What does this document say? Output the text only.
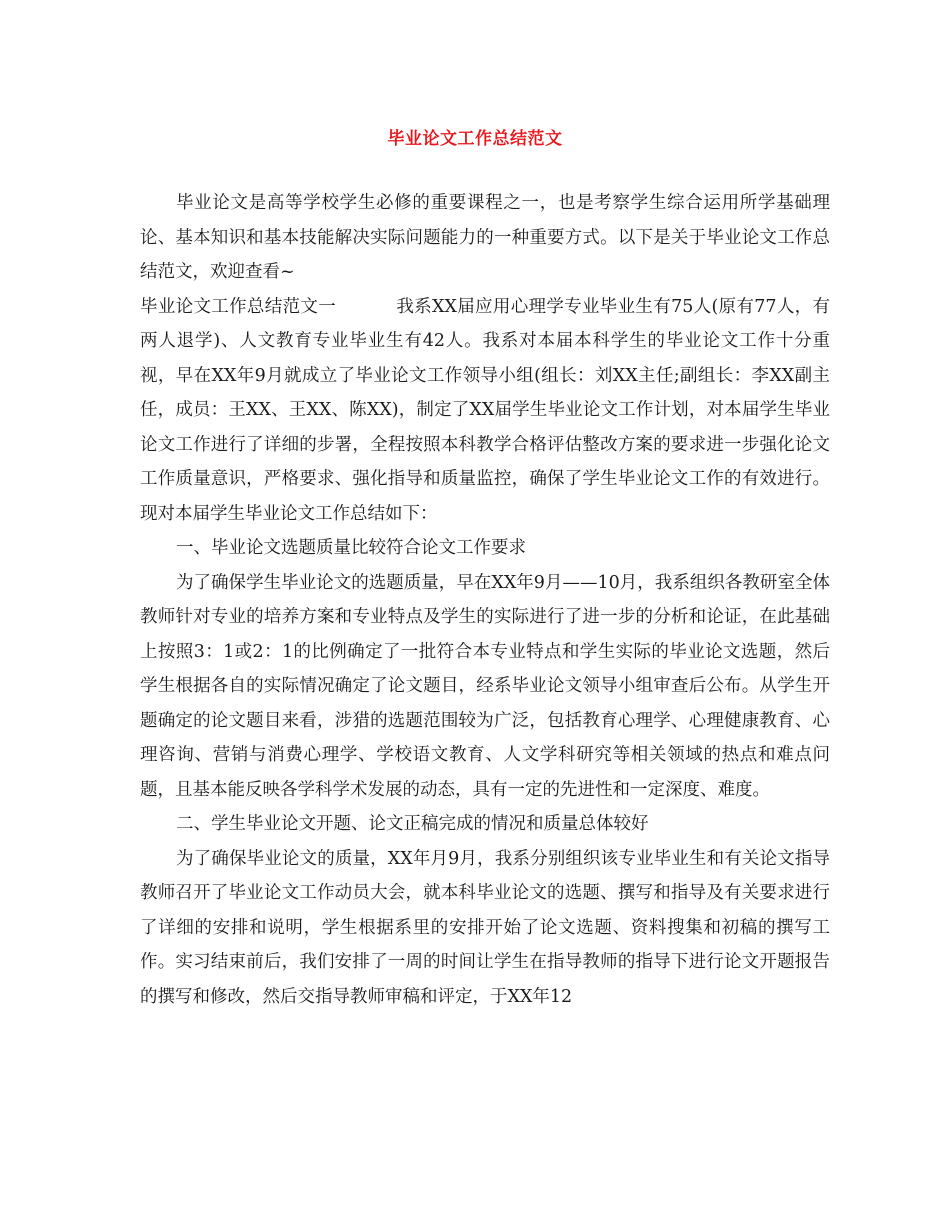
毕业论文工作总结范文

毕业论文是高等学校学生必修的重要课程之一，也是考察学生综合运用所学基础理论、基本知识和基本技能解决实际问题能力的一种重要方式。以下是关于毕业论文工作总结范文，欢迎查看~

毕业论文工作总结范文一	我系XX届应用心理学专业毕业生有75人(原有77人，有两人退学)、人文教育专业毕业生有42人。我系对本届本科学生的毕业论文工作十分重视，早在XX年9月就成立了毕业论文工作领导小组(组长：刘XX主任;副组长：李XX副主任，成员：王XX、王XX、陈XX)，制定了XX届学生毕业论文工作计划，对本届学生毕业论文工作进行了详细的步署，全程按照本科教学合格评估整改方案的要求进一步强化论文工作质量意识，严格要求、强化指导和质量监控，确保了学生毕业论文工作的有效进行。现对本届学生毕业论文工作总结如下：

一、毕业论文选题质量比较符合论文工作要求

为了确保学生毕业论文的选题质量，早在XX年9月——10月，我系组织各教研室全体教师针对专业的培养方案和专业特点及学生的实际进行了进一步的分析和论证，在此基础上按照3：1或2：1的比例确定了一批符合本专业特点和学生实际的毕业论文选题，然后学生根据各自的实际情况确定了论文题目，经系毕业论文领导小组审查后公布。从学生开题确定的论文题目来看，涉猎的选题范围较为广泛，包括教育心理学、心理健康教育、心理咨询、营销与消费心理学、学校语文教育、人文学科研究等相关领域的热点和难点问题，且基本能反映各学科学术发展的动态，具有一定的先进性和一定深度、难度。

二、学生毕业论文开题、论文正稿完成的情况和质量总体较好

为了确保毕业论文的质量，XX年月9月，我系分别组织该专业毕业生和有关论文指导教师召开了毕业论文工作动员大会，就本科毕业论文的选题、撰写和指导及有关要求进行了详细的安排和说明，学生根据系里的安排开始了论文选题、资料搜集和初稿的撰写工作。实习结束前后，我们安排了一周的时间让学生在指导教师的指导下进行论文开题报告的撰写和修改，然后交指导教师审稿和评定，于XX年12
